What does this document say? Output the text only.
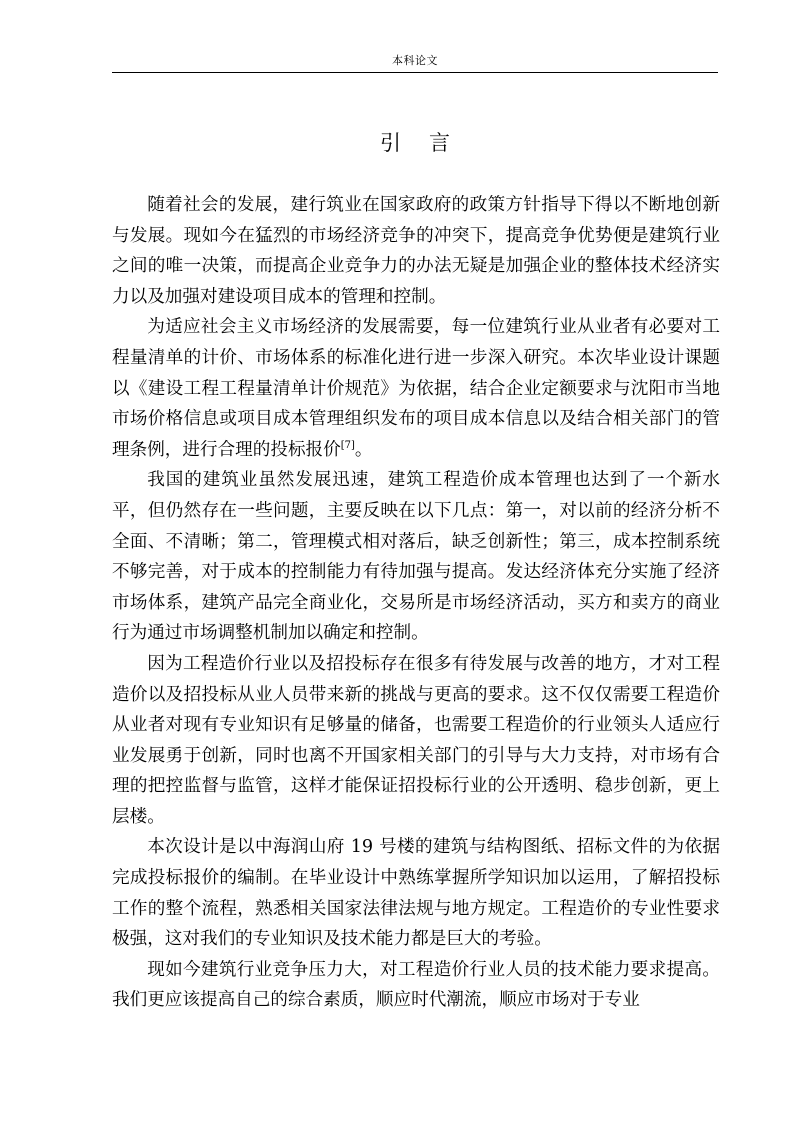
本科论文
引言

随着社会的发展，建行筑业在国家政府的政策方针指导下得以不断地创新与发展。现如今在猛烈的市场经济竞争的冲突下，提高竞争优势便是建筑行业之间的唯一决策，而提高企业竞争力的办法无疑是加强企业的整体技术经济实力以及加强对建设项目成本的管理和控制。

为适应社会主义市场经济的发展需要，每一位建筑行业从业者有必要对工程量清单的计价、市场体系的标准化进行进一步深入研究。本次毕业设计课题以《建设工程工程量清单计价规范》为依据，结合企业定额要求与沈阳市当地市场价格信息或项目成本管理组织发布的项目成本信息以及结合相关部门的管理条例，进行合理的投标报价[7]。

我国的建筑业虽然发展迅速，建筑工程造价成本管理也达到了一个新水平，但仍然存在一些问题，主要反映在以下几点：第一，对以前的经济分析不全面、不清晰；第二，管理模式相对落后，缺乏创新性；第三，成本控制系统不够完善，对于成本的控制能力有待加强与提高。发达经济体充分实施了经济市场体系，建筑产品完全商业化，交易所是市场经济活动，买方和卖方的商业行为通过市场调整机制加以确定和控制。

因为工程造价行业以及招投标存在很多有待发展与改善的地方，才对工程造价以及招投标从业人员带来新的挑战与更高的要求。这不仅仅需要工程造价从业者对现有专业知识有足够量的储备，也需要工程造价的行业领头人适应行业发展勇于创新，同时也离不开国家相关部门的引导与大力支持，对市场有合理的把控监督与监管，这样才能保证招投标行业的公开透明、稳步创新，更上层楼。

本次设计是以中海润山府 19 号楼的建筑与结构图纸、招标文件的为依据完成投标报价的编制。在毕业设计中熟练掌握所学知识加以运用，了解招投标工作的整个流程，熟悉相关国家法律法规与地方规定。工程造价的专业性要求极强，这对我们的专业知识及技术能力都是巨大的考验。

现如今建筑行业竞争压力大，对工程造价行业人员的技术能力要求提高。我们更应该提高自己的综合素质，顺应时代潮流，顺应市场对于专业
